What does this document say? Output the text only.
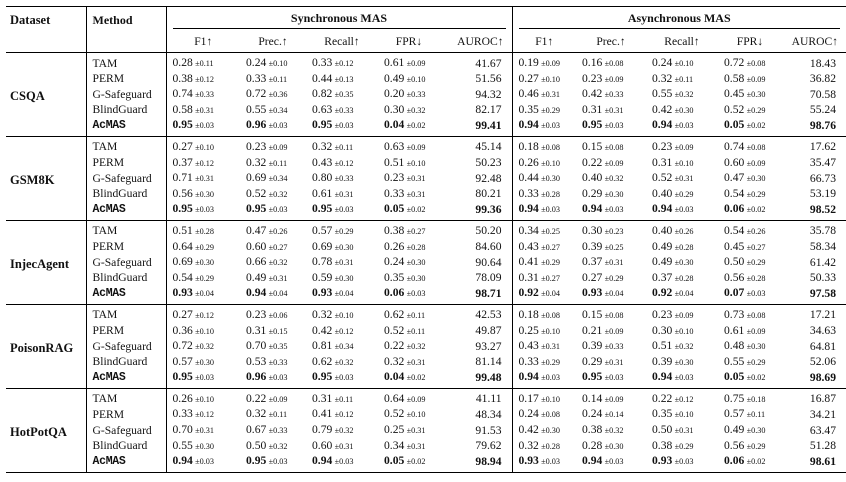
Dataset	Method	Synchronous MAS					Asynchronous MAS				

		F1↑	Prec.↑	Recall↑	FPR↓	AUROC↑	F1↑	Prec.↑	Recall↑	FPR↓	AUROC↑
CSQA	TAM	0.28  ±0.11	0.24  ±0.10	0.33  ±0.12	0.61  ±0.09	41.67	0.19  ±0.09	0.16  ±0.08	0.24  ±0.10	0.72  ±0.08	18.43
	PERM	0.38  ±0.12	0.33  ±0.11	0.44  ±0.13	0.49  ±0.10	51.56	0.27  ±0.10	0.23  ±0.09	0.32  ±0.11	0.58  ±0.09	36.82
	G-Safeguard	0.74  ±0.33	0.72  ±0.36	0.82  ±0.35	0.20  ±0.33	94.32	0.46  ±0.31	0.42  ±0.33	0.55  ±0.32	0.45  ±0.30	70.58
	BlindGuard	0.58  ±0.31	0.55  ±0.34	0.63  ±0.33	0.30  ±0.32	82.17	0.35  ±0.29	0.31  ±0.31	0.42  ±0.30	0.52  ±0.29	55.24
	AcMAS	0.95  ±0.03	0.96  ±0.03	0.95  ±0.03	0.04  ±0.02	99.41	0.94  ±0.03	0.95  ±0.03	0.94  ±0.03	0.05  ±0.02	98.76
GSM8K	TAM	0.27  ±0.10	0.23  ±0.09	0.32  ±0.11	0.63  ±0.09	45.14	0.18  ±0.08	0.15  ±0.08	0.23  ±0.09	0.74  ±0.08	17.62
	PERM	0.37  ±0.12	0.32  ±0.11	0.43  ±0.12	0.51  ±0.10	50.23	0.26  ±0.10	0.22  ±0.09	0.31  ±0.10	0.60  ±0.09	35.47
	G-Safeguard	0.71  ±0.31	0.69  ±0.34	0.80  ±0.33	0.23  ±0.31	92.48	0.44  ±0.30	0.40  ±0.32	0.52  ±0.31	0.47  ±0.30	66.73
	BlindGuard	0.56  ±0.30	0.52  ±0.32	0.61  ±0.31	0.33  ±0.31	80.21	0.33  ±0.28	0.29  ±0.30	0.40  ±0.29	0.54  ±0.29	53.19
	AcMAS	0.95  ±0.03	0.95  ±0.03	0.95  ±0.03	0.05  ±0.02	99.36	0.94  ±0.03	0.94  ±0.03	0.94  ±0.03	0.06  ±0.02	98.52
InjecAgent	TAM	0.51  ±0.28	0.47  ±0.26	0.57  ±0.29	0.38  ±0.27	50.20	0.34  ±0.25	0.30  ±0.23	0.40  ±0.26	0.54  ±0.26	35.78
	PERM	0.64  ±0.29	0.60  ±0.27	0.69  ±0.30	0.26  ±0.28	84.60	0.43  ±0.27	0.39  ±0.25	0.49  ±0.28	0.45  ±0.27	58.34
	G-Safeguard	0.69  ±0.30	0.66  ±0.32	0.78  ±0.31	0.24  ±0.30	90.64	0.41  ±0.29	0.37  ±0.31	0.49  ±0.30	0.50  ±0.29	61.42
	BlindGuard	0.54  ±0.29	0.49  ±0.31	0.59  ±0.30	0.35  ±0.30	78.09	0.31  ±0.27	0.27  ±0.29	0.37  ±0.28	0.56  ±0.28	50.33
	AcMAS	0.93  ±0.04	0.94  ±0.04	0.93  ±0.04	0.06  ±0.03	98.71	0.92  ±0.04	0.93  ±0.04	0.92  ±0.04	0.07  ±0.03	97.58
PoisonRAG	TAM	0.27  ±0.12	0.23  ±0.06	0.32  ±0.10	0.62  ±0.11	42.53	0.18  ±0.08	0.15  ±0.08	0.23  ±0.09	0.73  ±0.08	17.21
	PERM	0.36  ±0.10	0.31  ±0.15	0.42  ±0.12	0.52  ±0.11	49.87	0.25  ±0.10	0.21  ±0.09	0.30  ±0.10	0.61  ±0.09	34.63
	G-Safeguard	0.72  ±0.32	0.70  ±0.35	0.81  ±0.34	0.22  ±0.32	93.27	0.43  ±0.31	0.39  ±0.33	0.51  ±0.32	0.48  ±0.30	64.81
	BlindGuard	0.57  ±0.30	0.53  ±0.33	0.62  ±0.32	0.32  ±0.31	81.14	0.33  ±0.29	0.29  ±0.31	0.39  ±0.30	0.55  ±0.29	52.06
	AcMAS	0.95  ±0.03	0.96  ±0.03	0.95  ±0.03	0.04  ±0.02	99.48	0.94  ±0.03	0.95  ±0.03	0.94  ±0.03	0.05  ±0.02	98.69
HotPotQA	TAM	0.26  ±0.10	0.22  ±0.09	0.31  ±0.11	0.64  ±0.09	41.11	0.17  ±0.10	0.14  ±0.09	0.22  ±0.12	0.75  ±0.18	16.87
	PERM	0.33  ±0.12	0.32  ±0.11	0.41  ±0.12	0.52  ±0.10	48.34	0.24  ±0.08	0.24  ±0.14	0.35  ±0.10	0.57  ±0.11	34.21
	G-Safeguard	0.70  ±0.31	0.67  ±0.33	0.79  ±0.32	0.25  ±0.31	91.53	0.42  ±0.30	0.38  ±0.32	0.50  ±0.31	0.49  ±0.30	63.47
	BlindGuard	0.55  ±0.30	0.50  ±0.32	0.60  ±0.31	0.34  ±0.31	79.62	0.32  ±0.28	0.28  ±0.30	0.38  ±0.29	0.56  ±0.29	51.28
	AcMAS	0.94  ±0.03	0.95  ±0.03	0.94  ±0.03	0.05  ±0.02	98.94	0.93  ±0.03	0.94  ±0.03	0.93  ±0.03	0.06  ±0.02	98.61
